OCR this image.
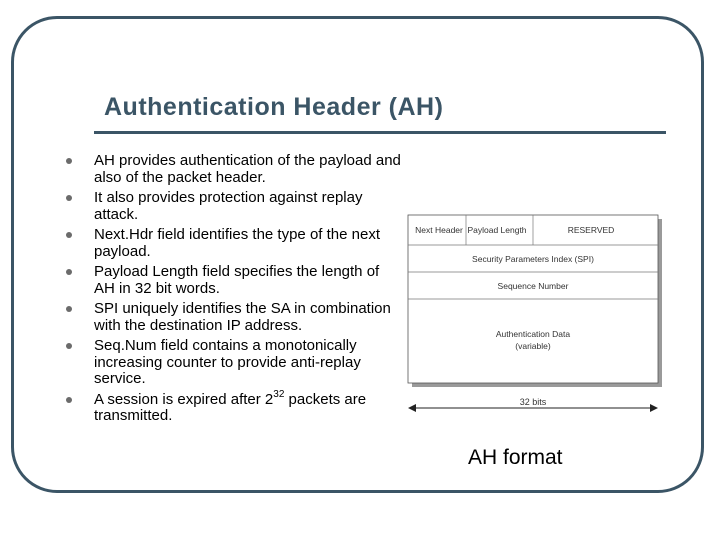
Authentication Header (AH)
AH provides authentication of the payload and also of the packet header.
It also provides protection against replay attack.
Next.Hdr field identifies the type of the next payload.
Payload Length field specifies the length of AH in 32 bit words.
SPI uniquely identifies the SA in combination with the destination IP address.
Seq.Num field contains a monotonically increasing counter to provide anti-replay service.
A session is expired after $2^{32}$ packets are transmitted.
Next Header Payload Length	RESERVED
Security Parameters Index (SPI)
Sequence Number
Authentication Data
(variable)
32 bits
AH format
